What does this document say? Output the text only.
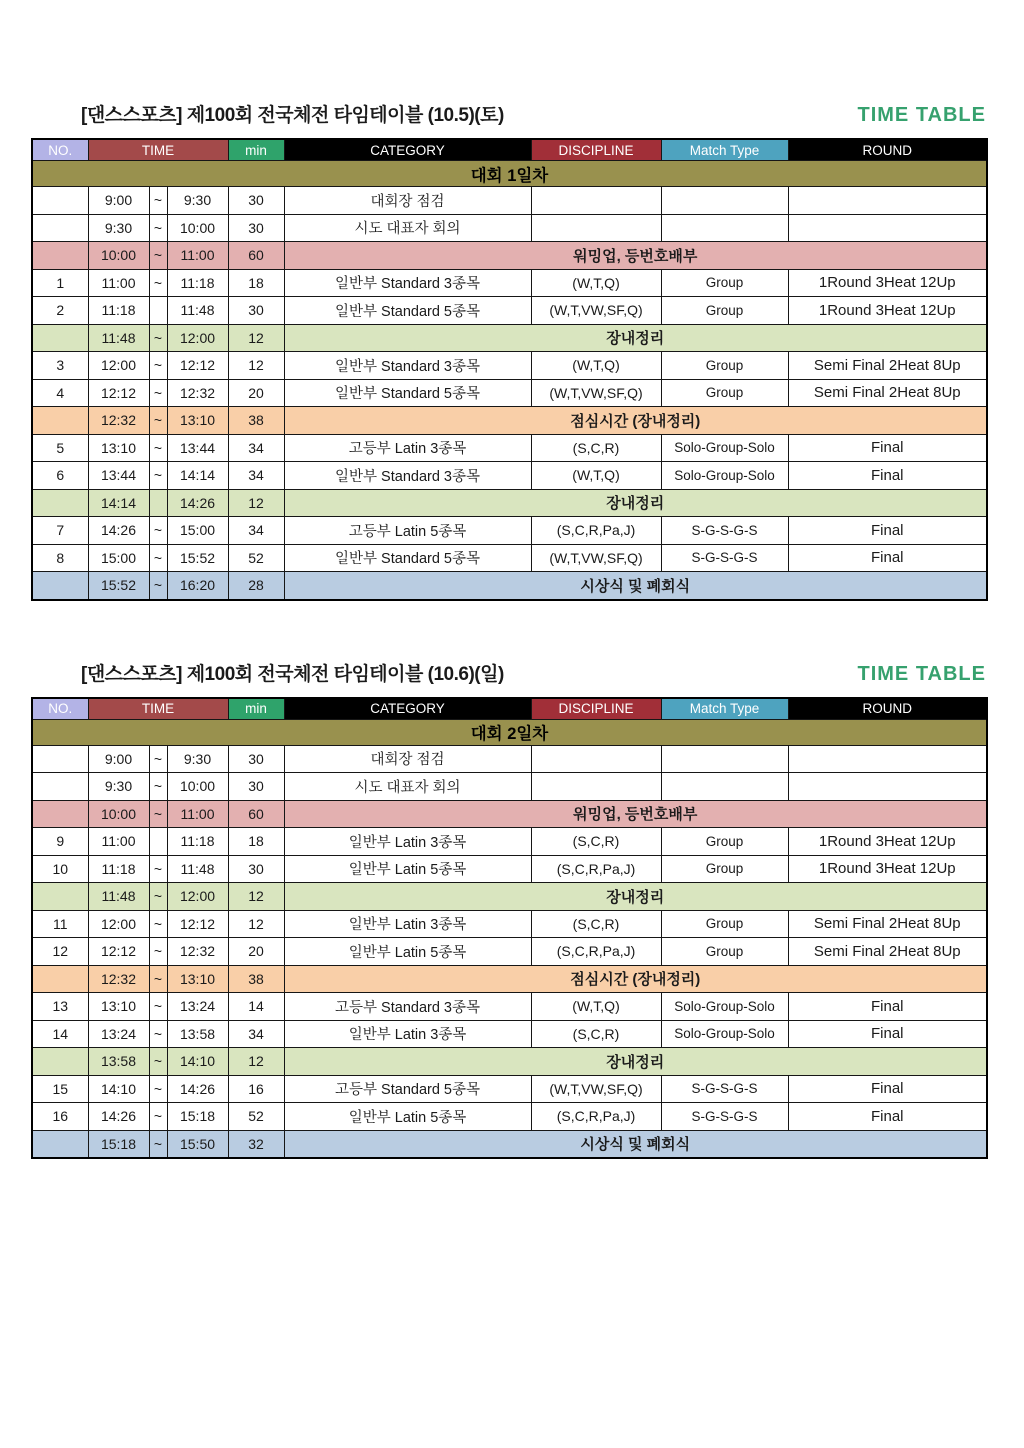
[댄스스포츠] 제100회 전국체전 타임테이블 (10.5)(토)	TIME TABLE
NO.	TIME			min	CATEGORY	DISCIPLINE	Match Type	ROUND
대회 1일차								
	9:00	~	9:30	30	대회장 점검			
	9:30	~	10:00	30	시도 대표자 회의			
	10:00	~	11:00	60	워밍업, 등번호배부			
1	11:00	~	11:18	18	일반부 Standard 3종목	(W,T,Q)	Group	1Round 3Heat 12Up
2	11:18		11:48	30	일반부 Standard 5종목	(W,T,VW,SF,Q)	Group	1Round 3Heat 12Up
	11:48	~	12:00	12	장내정리			
3	12:00	~	12:12	12	일반부 Standard 3종목	(W,T,Q)	Group	Semi Final 2Heat 8Up
4	12:12	~	12:32	20	일반부 Standard 5종목	(W,T,VW,SF,Q)	Group	Semi Final 2Heat 8Up
	12:32	~	13:10	38	점심시간 (장내정리)			
5	13:10	~	13:44	34	고등부 Latin 3종목	(S,C,R)	Solo-Group-Solo	Final
6	13:44	~	14:14	34	일반부 Standard 3종목	(W,T,Q)	Solo-Group-Solo	Final
	14:14		14:26	12	장내정리			
7	14:26	~	15:00	34	고등부 Latin 5종목	(S,C,R,Pa,J)	S-G-S-G-S	Final
8	15:00	~	15:52	52	일반부 Standard 5종목	(W,T,VW,SF,Q)	S-G-S-G-S	Final
	15:52	~	16:20	28	시상식 및 폐회식			
[댄스스포츠] 제100회 전국체전 타임테이블 (10.6)(일)	TIME TABLE
NO.	TIME			min	CATEGORY	DISCIPLINE	Match Type	ROUND
대회 2일차								
	9:00	~	9:30	30	대회장 점검			
	9:30	~	10:00	30	시도 대표자 회의			
	10:00	~	11:00	60	워밍업, 등번호배부			
9	11:00		11:18	18	일반부 Latin 3종목	(S,C,R)	Group	1Round 3Heat 12Up
10	11:18	~	11:48	30	일반부 Latin 5종목	(S,C,R,Pa,J)	Group	1Round 3Heat 12Up
	11:48	~	12:00	12	장내정리			
11	12:00	~	12:12	12	일반부 Latin 3종목	(S,C,R)	Group	Semi Final 2Heat 8Up
12	12:12	~	12:32	20	일반부 Latin 5종목	(S,C,R,Pa,J)	Group	Semi Final 2Heat 8Up
	12:32	~	13:10	38	점심시간 (장내정리)			
13	13:10	~	13:24	14	고등부 Standard 3종목	(W,T,Q)	Solo-Group-Solo	Final
14	13:24	~	13:58	34	일반부 Latin 3종목	(S,C,R)	Solo-Group-Solo	Final
	13:58	~	14:10	12	장내정리			
15	14:10	~	14:26	16	고등부 Standard 5종목	(W,T,VW,SF,Q)	S-G-S-G-S	Final
16	14:26	~	15:18	52	일반부 Latin 5종목	(S,C,R,Pa,J)	S-G-S-G-S	Final
	15:18	~	15:50	32	시상식 및 폐회식			
